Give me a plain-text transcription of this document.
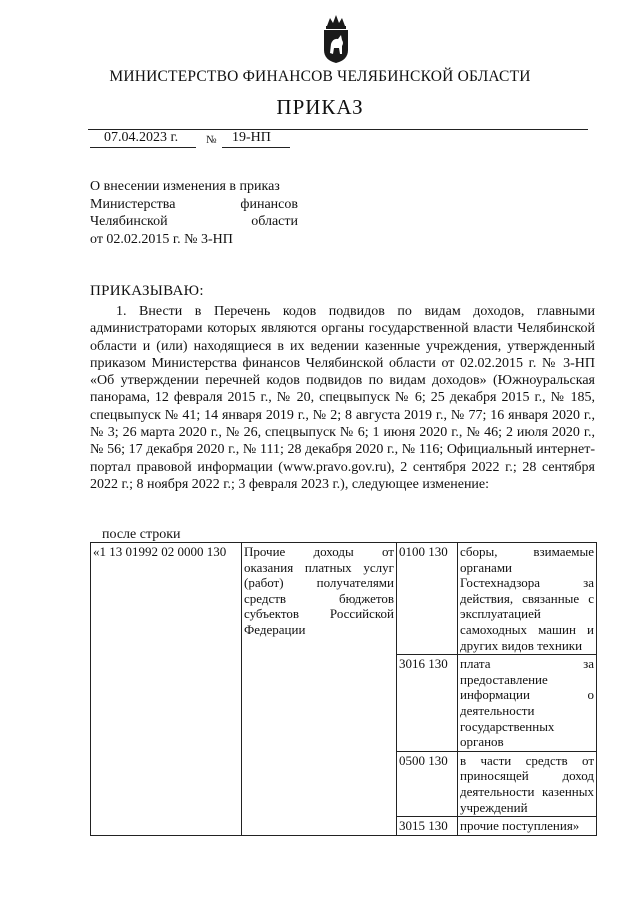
МИНИСТЕРСТВО ФИНАНСОВ ЧЕЛЯБИНСКОЙ ОБЛАСТИ
ПРИКАЗ
07.04.2023 г.	№ 19-НП
О внесении изменения в приказ
Министерства финансов
Челябинской области
от 02.02.2015 г. № 3-НП
ПРИКАЗЫВАЮ:

1. Внести в Перечень кодов подвидов по видам доходов, главными администраторами которых являются органы государственной власти Челябинской области и (или) находящиеся в их ведении казенные учреждения, утвержденный приказом Министерства финансов Челябинской области от 02.02.2015 г. № 3-НП «Об утверждении перечней кодов подвидов по видам доходов» (Южноуральская панорама, 12 февраля 2015 г., № 20, спецвыпуск № 6; 25 декабря 2015 г., № 185, спецвыпуск № 41; 14 января 2019 г., № 2; 8 августа 2019 г., № 77; 16 января 2020 г., № 3; 26 марта 2020 г., № 26, спецвыпуск № 6; 1 июня 2020 г., № 46; 2 июля 2020 г., № 56; 17 декабря 2020 г., № 111; 28 декабря 2020 г., № 116; Официальный интернет-портал правовой информации (www.pravo.gov.ru), 2 сентября 2022 г.; 28 сентября 2022 г.; 8 ноября 2022 г.; 3 февраля 2023 г.), следующее изменение:

после строки
«1 13 01992 02 0000 130	Прочие доходы от оказания платных услуг (работ) получателями средств бюджетов субъектов Российской Федерации	0100 130	сборы, взимаемые органами Гостехнадзора за действия, связанные с эксплуатацией самоходных машин и других видов техники
		3016 130	плата за предоставление информации о деятельности государственных органов
		0500 130	в части средств от приносящей доход деятельности казенных учреждений
		3015 130	прочие поступления»
